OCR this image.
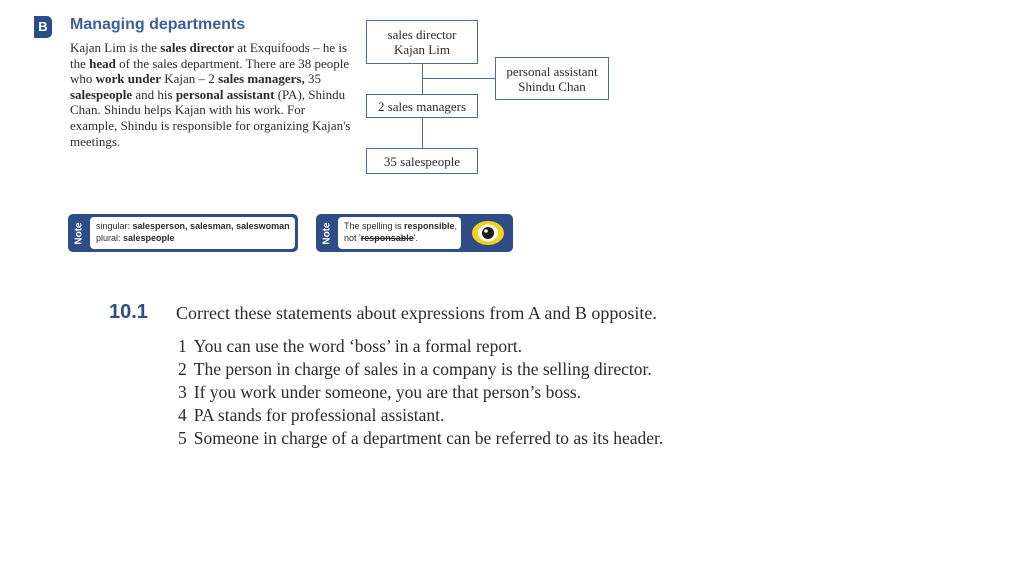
B Managing departments

Kajan Lim is the sales director at Exquifoods – he is the head of the sales department. There are 38 people who work under Kajan – 2 sales managers, 35 salespeople and his personal assistant (PA), Shindu Chan. Shindu helps Kajan with his work. For example, Shindu is responsible for organizing Kajan's meetings.

sales director
Kajan Lim
personal assistant
Shindu Chan
2 sales managers
35 salespeople
Note singular: salesperson, salesman, saleswoman
plural: salespeople	Note The spelling is responsible,
not 'responsable'.
10.1 Correct these statements about expressions from A and B opposite.

1 You can use the word ‘boss’ in a formal report.
2 The person in charge of sales in a company is the selling director.
3 If you work under someone, you are that person’s boss.
4 PA stands for professional assistant.
5 Someone in charge of a department can be referred to as its header.
